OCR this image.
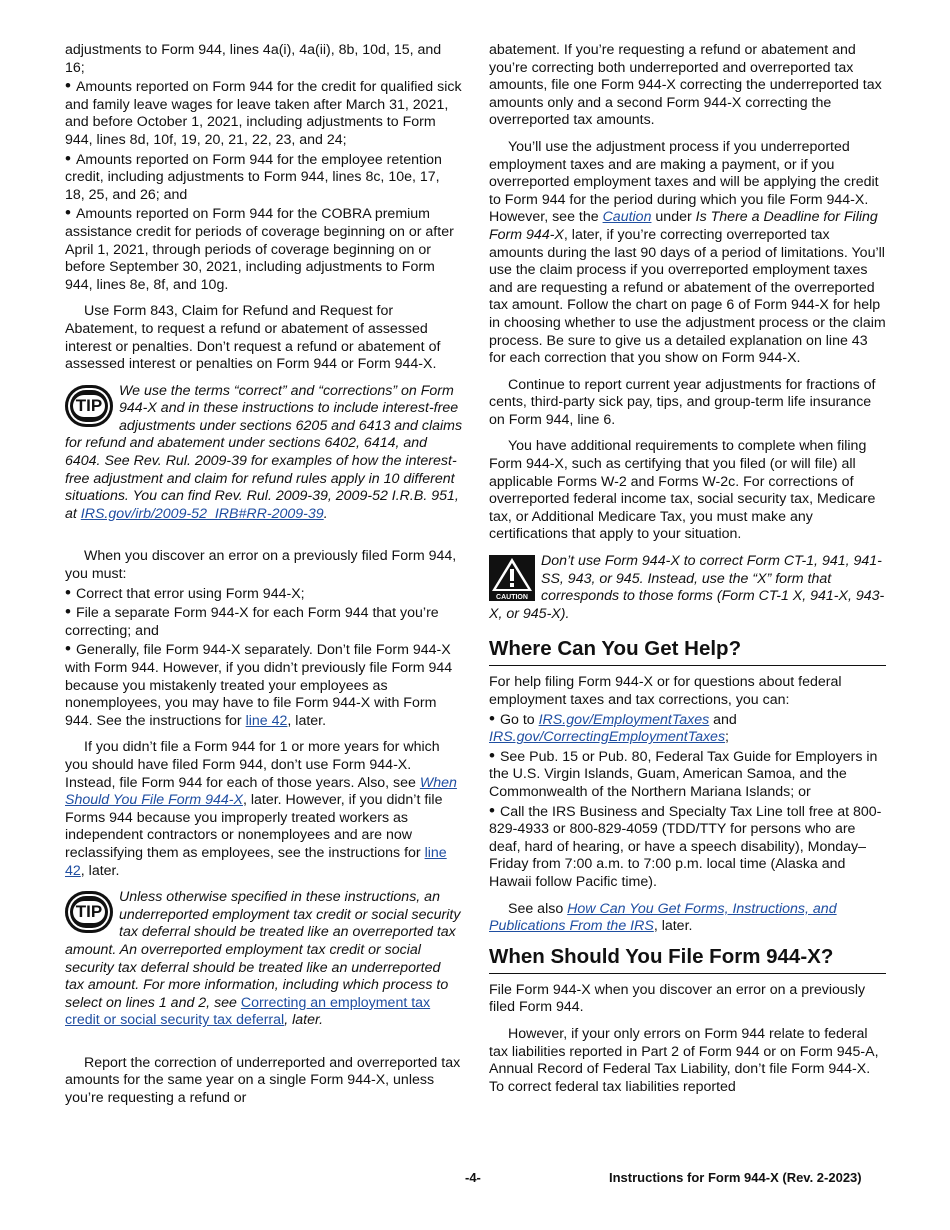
adjustments to Form 944, lines 4a(i), 4a(ii), 8b, 10d, 15, and 16;

• Amounts reported on Form 944 for the credit for qualified sick and family leave wages for leave taken after March 31, 2021, and before October 1, 2021, including adjustments to Form 944, lines 8d, 10f, 19, 20, 21, 22, 23, and 24;

• Amounts reported on Form 944 for the employee retention credit, including adjustments to Form 944, lines 8c, 10e, 17, 18, 25, and 26; and

• Amounts reported on Form 944 for the COBRA premium assistance credit for periods of coverage beginning on or after April 1, 2021, through periods of coverage beginning on or before September 30, 2021, including adjustments to Form 944, lines 8e, 8f, and 10g.

Use Form 843, Claim for Refund and Request for Abatement, to request a refund or abatement of assessed interest or penalties. Don’t request a refund or abatement of assessed interest or penalties on Form 944 or Form 944-X.

TIP
We use the terms “correct” and “corrections” on Form 944-X and in these instructions to include interest-free adjustments under sections 6205 and 6413 and claims for refund and abatement under sections 6402, 6414, and 6404. See Rev. Rul. 2009-39 for examples of how the interest-free adjustment and claim for refund rules apply in 10 different situations. You can find Rev. Rul. 2009-39, 2009-52 I.R.B. 951, at IRS.gov/irb/2009-52_IRB#RR-2009-39.

When you discover an error on a previously filed Form 944, you must:

• Correct that error using Form 944-X;

• File a separate Form 944-X for each Form 944 that you’re correcting; and

• Generally, file Form 944-X separately. Don’t file Form 944-X with Form 944. However, if you didn’t previously file Form 944 because you mistakenly treated your employees as nonemployees, you may have to file Form 944-X with Form 944. See the instructions for line 42, later.

If you didn’t file a Form 944 for 1 or more years for which you should have filed Form 944, don’t use Form 944-X. Instead, file Form 944 for each of those years. Also, see When Should You File Form 944-X, later. However, if you didn’t file Forms 944 because you improperly treated workers as independent contractors or nonemployees and are now reclassifying them as employees, see the instructions for line 42, later.

TIP
Unless otherwise specified in these instructions, an underreported employment tax credit or social security tax deferral should be treated like an overreported tax amount. An overreported employment tax credit or social security tax deferral should be treated like an underreported tax amount. For more information, including which process to select on lines 1 and 2, see Correcting an employment tax credit or social security tax deferral, later.

Report the correction of underreported and overreported tax amounts for the same year on a single Form 944-X, unless you’re requesting a refund or

abatement. If you’re requesting a refund or abatement and you’re correcting both underreported and overreported tax amounts, file one Form 944-X correcting the underreported tax amounts only and a second Form 944-X correcting the overreported tax amounts.

You’ll use the adjustment process if you underreported employment taxes and are making a payment, or if you overreported employment taxes and will be applying the credit to Form 944 for the period during which you file Form 944-X. However, see the Caution under Is There a Deadline for Filing Form 944-X, later, if you’re correcting overreported tax amounts during the last 90 days of a period of limitations. You’ll use the claim process if you overreported employment taxes and are requesting a refund or abatement of the overreported tax amount. Follow the chart on page 6 of Form 944-X for help in choosing whether to use the adjustment process or the claim process. Be sure to give us a detailed explanation on line 43 for each correction that you show on Form 944-X.

Continue to report current year adjustments for fractions of cents, third-party sick pay, tips, and group-term life insurance on Form 944, line 6.

You have additional requirements to complete when filing Form 944-X, such as certifying that you filed (or will file) all applicable Forms W-2 and Forms W-2c. For corrections of overreported federal income tax, social security tax, Medicare tax, or Additional Medicare Tax, you must make any certifications that apply to your situation.

CAUTION
Don’t use Form 944-X to correct Form CT-1, 941, 941-SS, 943, or 945. Instead, use the “X” form that corresponds to those forms (Form CT-1 X, 941-X, 943-X, or 945-X).
Where Can You Get Help?

For help filing Form 944-X or for questions about federal employment taxes and tax corrections, you can:

• Go to IRS.gov/EmploymentTaxes and IRS.gov/CorrectingEmploymentTaxes;

• See Pub. 15 or Pub. 80, Federal Tax Guide for Employers in the U.S. Virgin Islands, Guam, American Samoa, and the Commonwealth of the Northern Mariana Islands; or

• Call the IRS Business and Specialty Tax Line toll free at 800-829-4933 or 800-829-4059 (TDD/TTY for persons who are deaf, hard of hearing, or have a speech disability), Monday–Friday from 7:00 a.m. to 7:00 p.m. local time (Alaska and Hawaii follow Pacific time).

See also How Can You Get Forms, Instructions, and Publications From the IRS, later.

When Should You File Form 944-X?

File Form 944-X when you discover an error on a previously filed Form 944.

However, if your only errors on Form 944 relate to federal tax liabilities reported in Part 2 of Form 944 or on Form 945-A, Annual Record of Federal Tax Liability, don’t file Form 944-X. To correct federal tax liabilities reported

-4-	Instructions for Form 944-X (Rev. 2-2023)
